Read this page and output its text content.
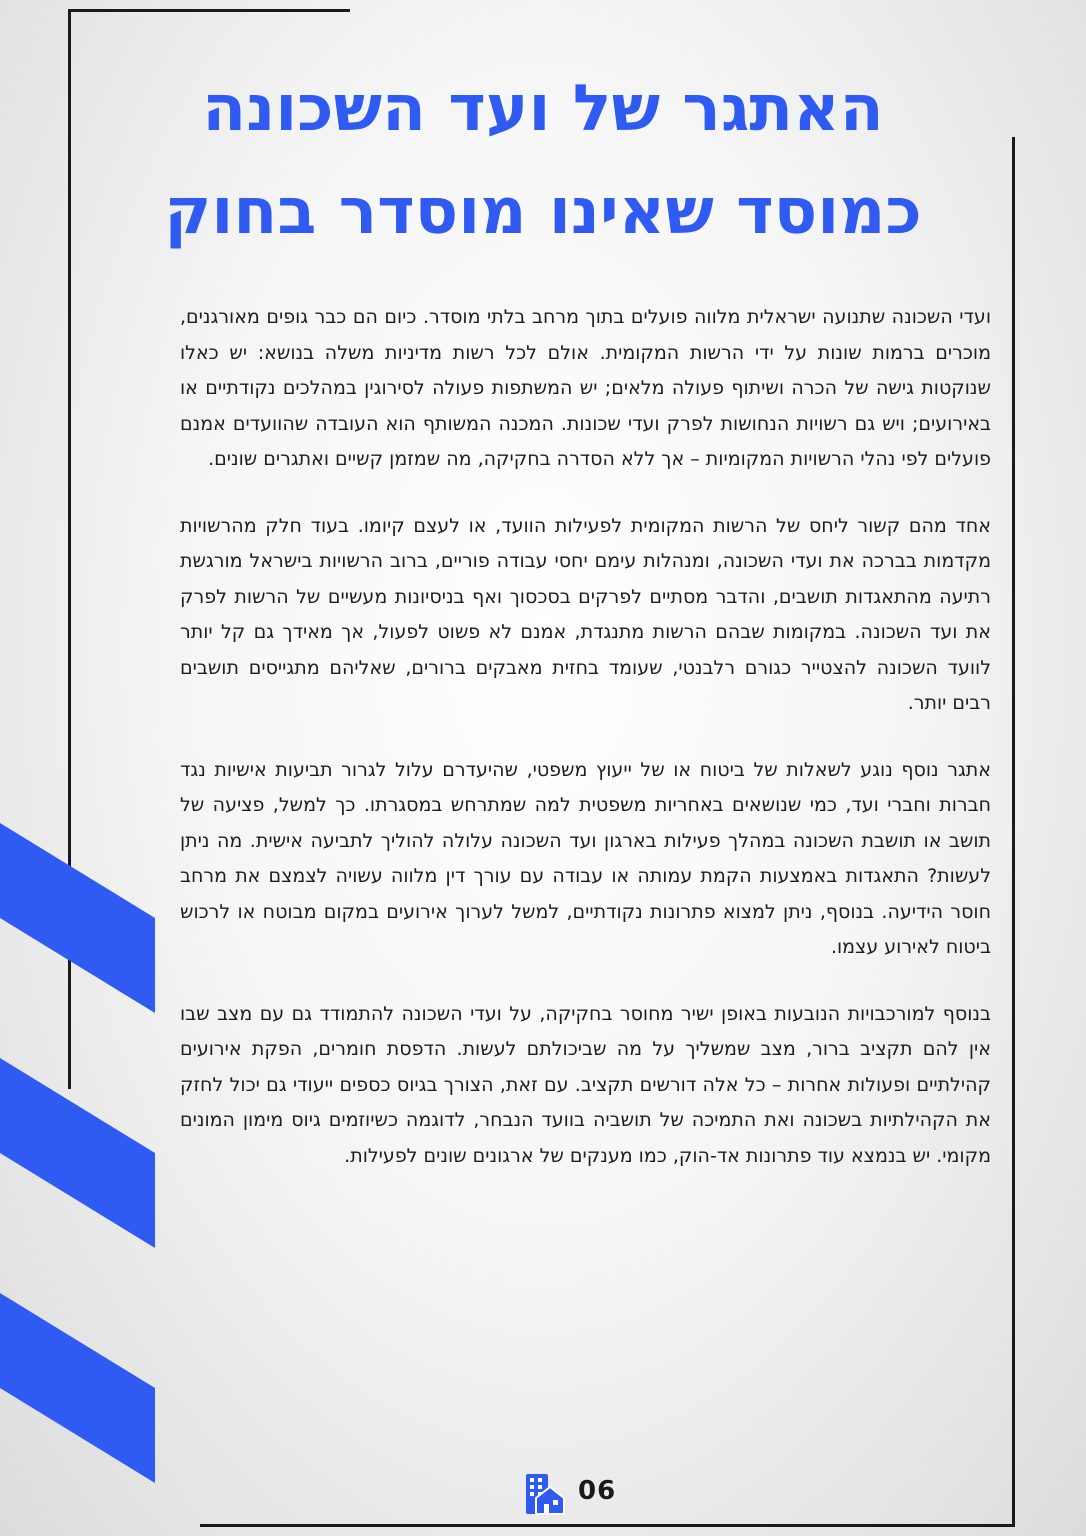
האתגר של ועד השכונה
כמוסד שאינו מוסדר בחוק

ועדי השכונה שתנועה ישראלית מלווה פועלים בתוך מרחב בלתי מוסדר. כיום הם כבר גופים מאורגנים, מוכרים ברמות שונות על ידי הרשות המקומית. אולם לכל רשות מדיניות משלה בנושא: יש כאלו שנוקטות גישה של הכרה ושיתוף פעולה מלאים; יש המשתפות פעולה לסירוגין במהלכים נקודתיים או באירועים; ויש גם רשויות הנחושות לפרק ועדי שכונות. המכנה המשותף הוא העובדה שהוועדים אמנם פועלים לפי נהלי הרשויות המקומיות – אך ללא הסדרה בחקיקה, מה שמזמן קשיים ואתגרים שונים.

אחד מהם קשור ליחס של הרשות המקומית לפעילות הוועד, או לעצם קיומו. בעוד חלק מהרשויות מקדמות בברכה את ועדי השכונה, ומנהלות עימם יחסי עבודה פוריים, ברוב הרשויות בישראל מורגשת רתיעה מהתאגדות תושבים, והדבר מסתיים לפרקים בסכסוך ואף בניסיונות מעשיים של הרשות לפרק את ועד השכונה. במקומות שבהם הרשות מתנגדת, אמנם לא פשוט לפעול, אך מאידך גם קל יותר לוועד השכונה להצטייר כגורם רלבנטי, שעומד בחזית מאבקים ברורים, שאליהם מתגייסים תושבים רבים יותר.

אתגר נוסף נוגע לשאלות של ביטוח או של ייעוץ משפטי, שהיעדרם עלול לגרור תביעות אישיות נגד חברות וחברי ועד, כמי שנושאים באחריות משפטית למה שמתרחש במסגרתו. כך למשל, פציעה של תושב או תושבת השכונה במהלך פעילות בארגון ועד השכונה עלולה להוליך לתביעה אישית. מה ניתן לעשות? התאגדות באמצעות הקמת עמותה או עבודה עם עורך דין מלווה עשויה לצמצם את מרחב חוסר הידיעה. בנוסף, ניתן למצוא פתרונות נקודתיים, למשל לערוך אירועים במקום מבוטח או לרכוש ביטוח לאירוע עצמו.

בנוסף למורכבויות הנובעות באופן ישיר מחוסר בחקיקה, על ועדי השכונה להתמודד גם עם מצב שבו אין להם תקציב ברור, מצב שמשליך על מה שביכולתם לעשות. הדפסת חומרים, הפקת אירועים קהילתיים ופעולות אחרות – כל אלה דורשים תקציב. עם זאת, הצורך בגיוס כספים ייעודי גם יכול לחזק את הקהילתיות בשכונה ואת התמיכה של תושביה בוועד הנבחר, לדוגמה כשיוזמים גיוס מימון המונים מקומי. יש בנמצא עוד פתרונות אד-הוק, כמו מענקים של ארגונים שונים לפעילות.

06
